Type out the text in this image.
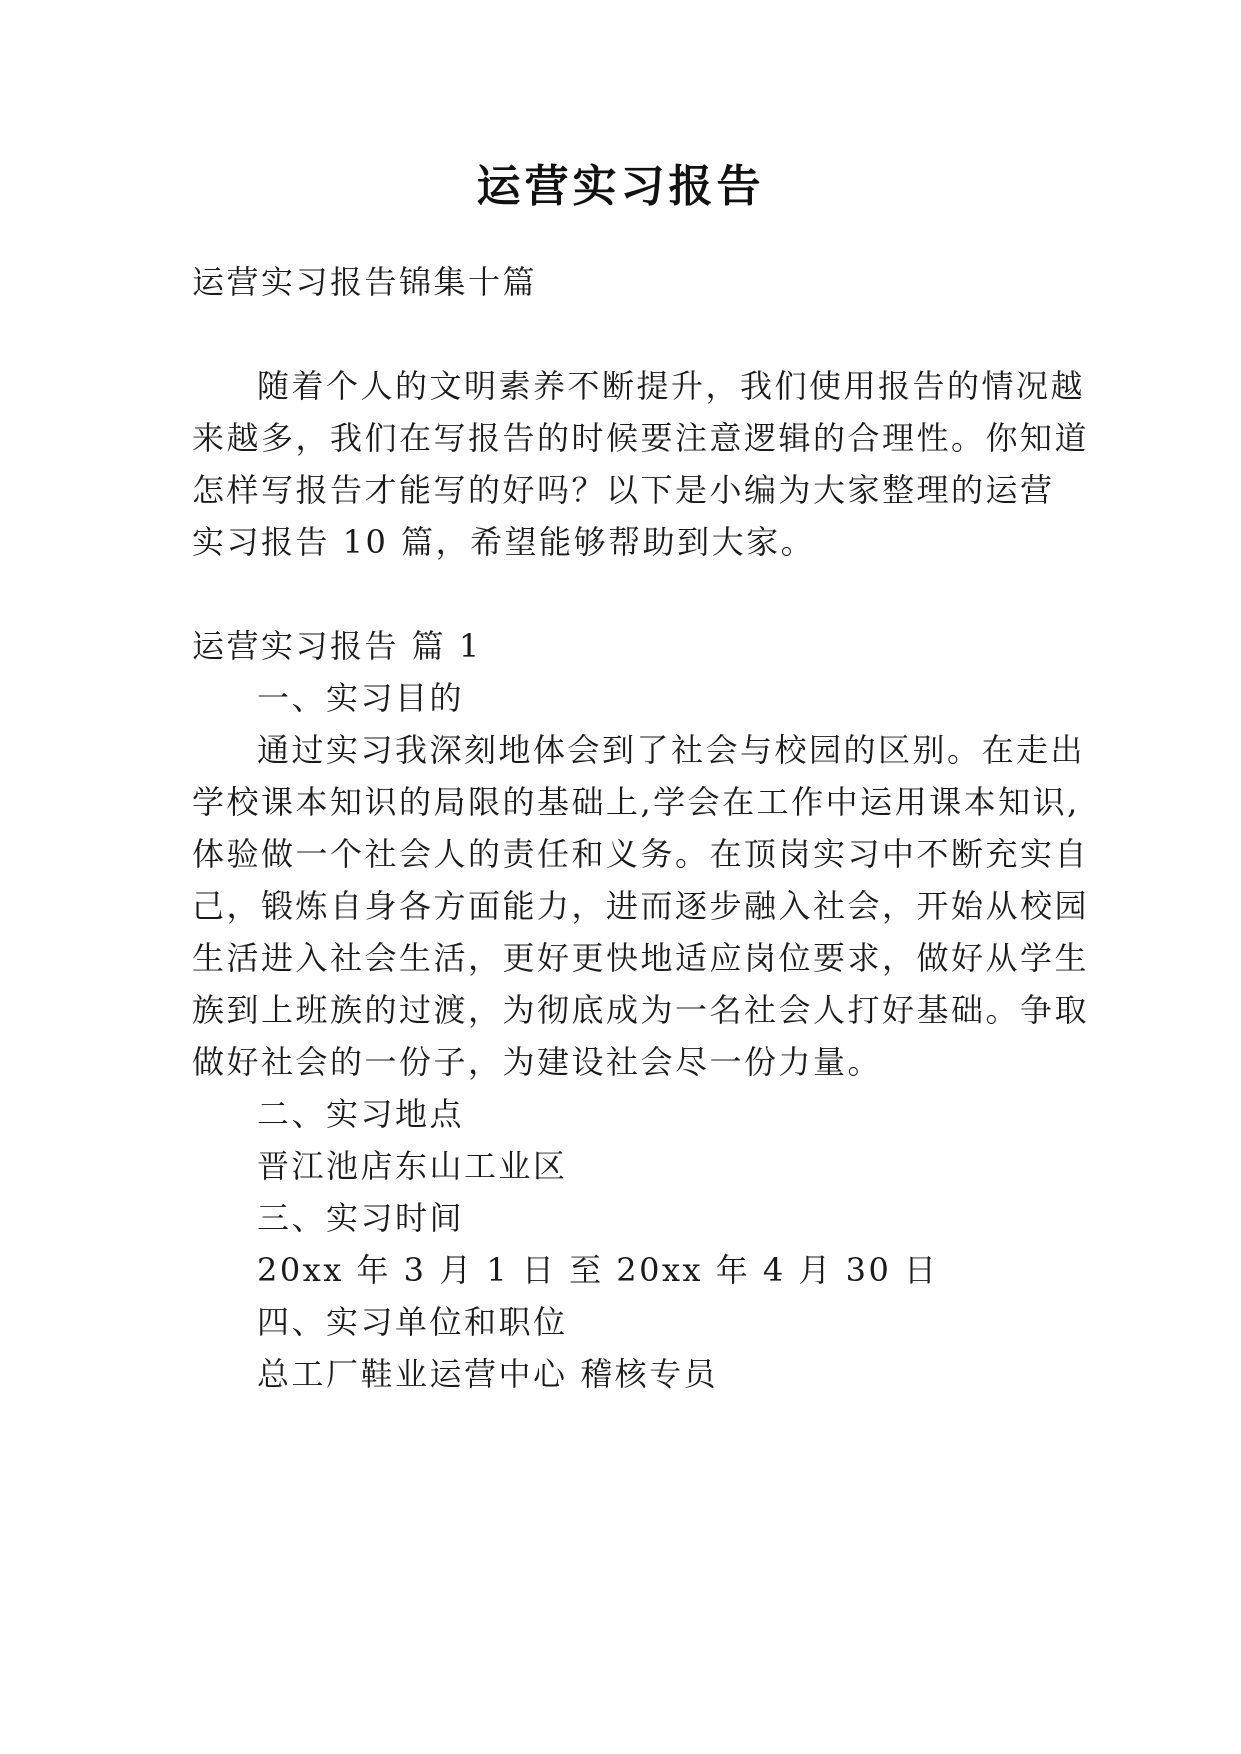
运营实习报告

运营实习报告锦集十篇

随着个人的文明素养不断提升，我们使用报告的情况越

来越多，我们在写报告的时候要注意逻辑的合理性。你知道

怎样写报告才能写的好吗？以下是小编为大家整理的运营

实习报告 10 篇，希望能够帮助到大家。

运营实习报告 篇 1

一、实习目的

通过实习我深刻地体会到了社会与校园的区别。在走出

学校课本知识的局限的基础上,学会在工作中运用课本知识,

体验做一个社会人的责任和义务。在顶岗实习中不断充实自

己，锻炼自身各方面能力，进而逐步融入社会，开始从校园

生活进入社会生活，更好更快地适应岗位要求，做好从学生

族到上班族的过渡，为彻底成为一名社会人打好基础。争取

做好社会的一份子，为建设社会尽一份力量。

二、实习地点

晋江池店东山工业区

三、实习时间

20xx 年 3 月 1 日 至 20xx 年 4 月 30 日

四、实习单位和职位

总工厂鞋业运营中心 稽核专员
